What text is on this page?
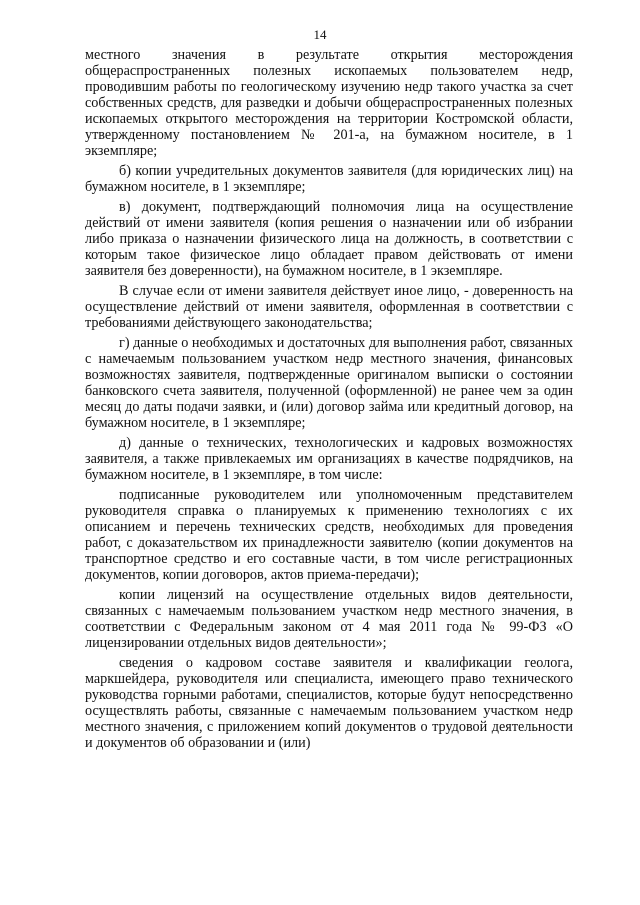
14

местного значения в результате открытия месторождения общераспространенных полезных ископаемых пользователем недр, проводившим работы по геологическому изучению недр такого участка за счет собственных средств, для разведки и добычи общераспространенных полезных ископаемых открытого месторождения на территории Костромской области, утвержденному постановлением № 201-а, на бумажном носителе, в 1 экземпляре;

б) копии учредительных документов заявителя (для юридических лиц) на бумажном носителе, в 1 экземпляре;

в) документ, подтверждающий полномочия лица на осуществление действий от имени заявителя (копия решения о назначении или об избрании либо приказа о назначении физического лица на должность, в соответствии с которым такое физическое лицо обладает правом действовать от имени заявителя без доверенности), на бумажном носителе, в 1 экземпляре.

В случае если от имени заявителя действует иное лицо, - доверенность на осуществление действий от имени заявителя, оформленная в соответствии с требованиями действующего законодательства;

г) данные о необходимых и достаточных для выполнения работ, связанных с намечаемым пользованием участком недр местного значения, финансовых возможностях заявителя, подтвержденные оригиналом выписки о состоянии банковского счета заявителя, полученной (оформленной) не ранее чем за один месяц до даты подачи заявки, и (или) договор займа или кредитный договор, на бумажном носителе, в 1 экземпляре;

д) данные о технических, технологических и кадровых возможностях заявителя, а также привлекаемых им организациях в качестве подрядчиков, на бумажном носителе, в 1 экземпляре, в том числе:

подписанные руководителем или уполномоченным представителем руководителя справка о планируемых к применению технологиях с их описанием и перечень технических средств, необходимых для проведения работ, с доказательством их принадлежности заявителю (копии документов на транспортное средство и его составные части, в том числе регистрационных документов, копии договоров, актов приема-передачи);

копии лицензий на осуществление отдельных видов деятельности, связанных с намечаемым пользованием участком недр местного значения, в соответствии с Федеральным законом от 4 мая 2011 года № 99-ФЗ «О лицензировании отдельных видов деятельности»;

сведения о кадровом составе заявителя и квалификации геолога, маркшейдера, руководителя или специалиста, имеющего право технического руководства горными работами, специалистов, которые будут непосредственно осуществлять работы, связанные с намечаемым пользованием участком недр местного значения, с приложением копий документов о трудовой деятельности и документов об образовании и (или)
